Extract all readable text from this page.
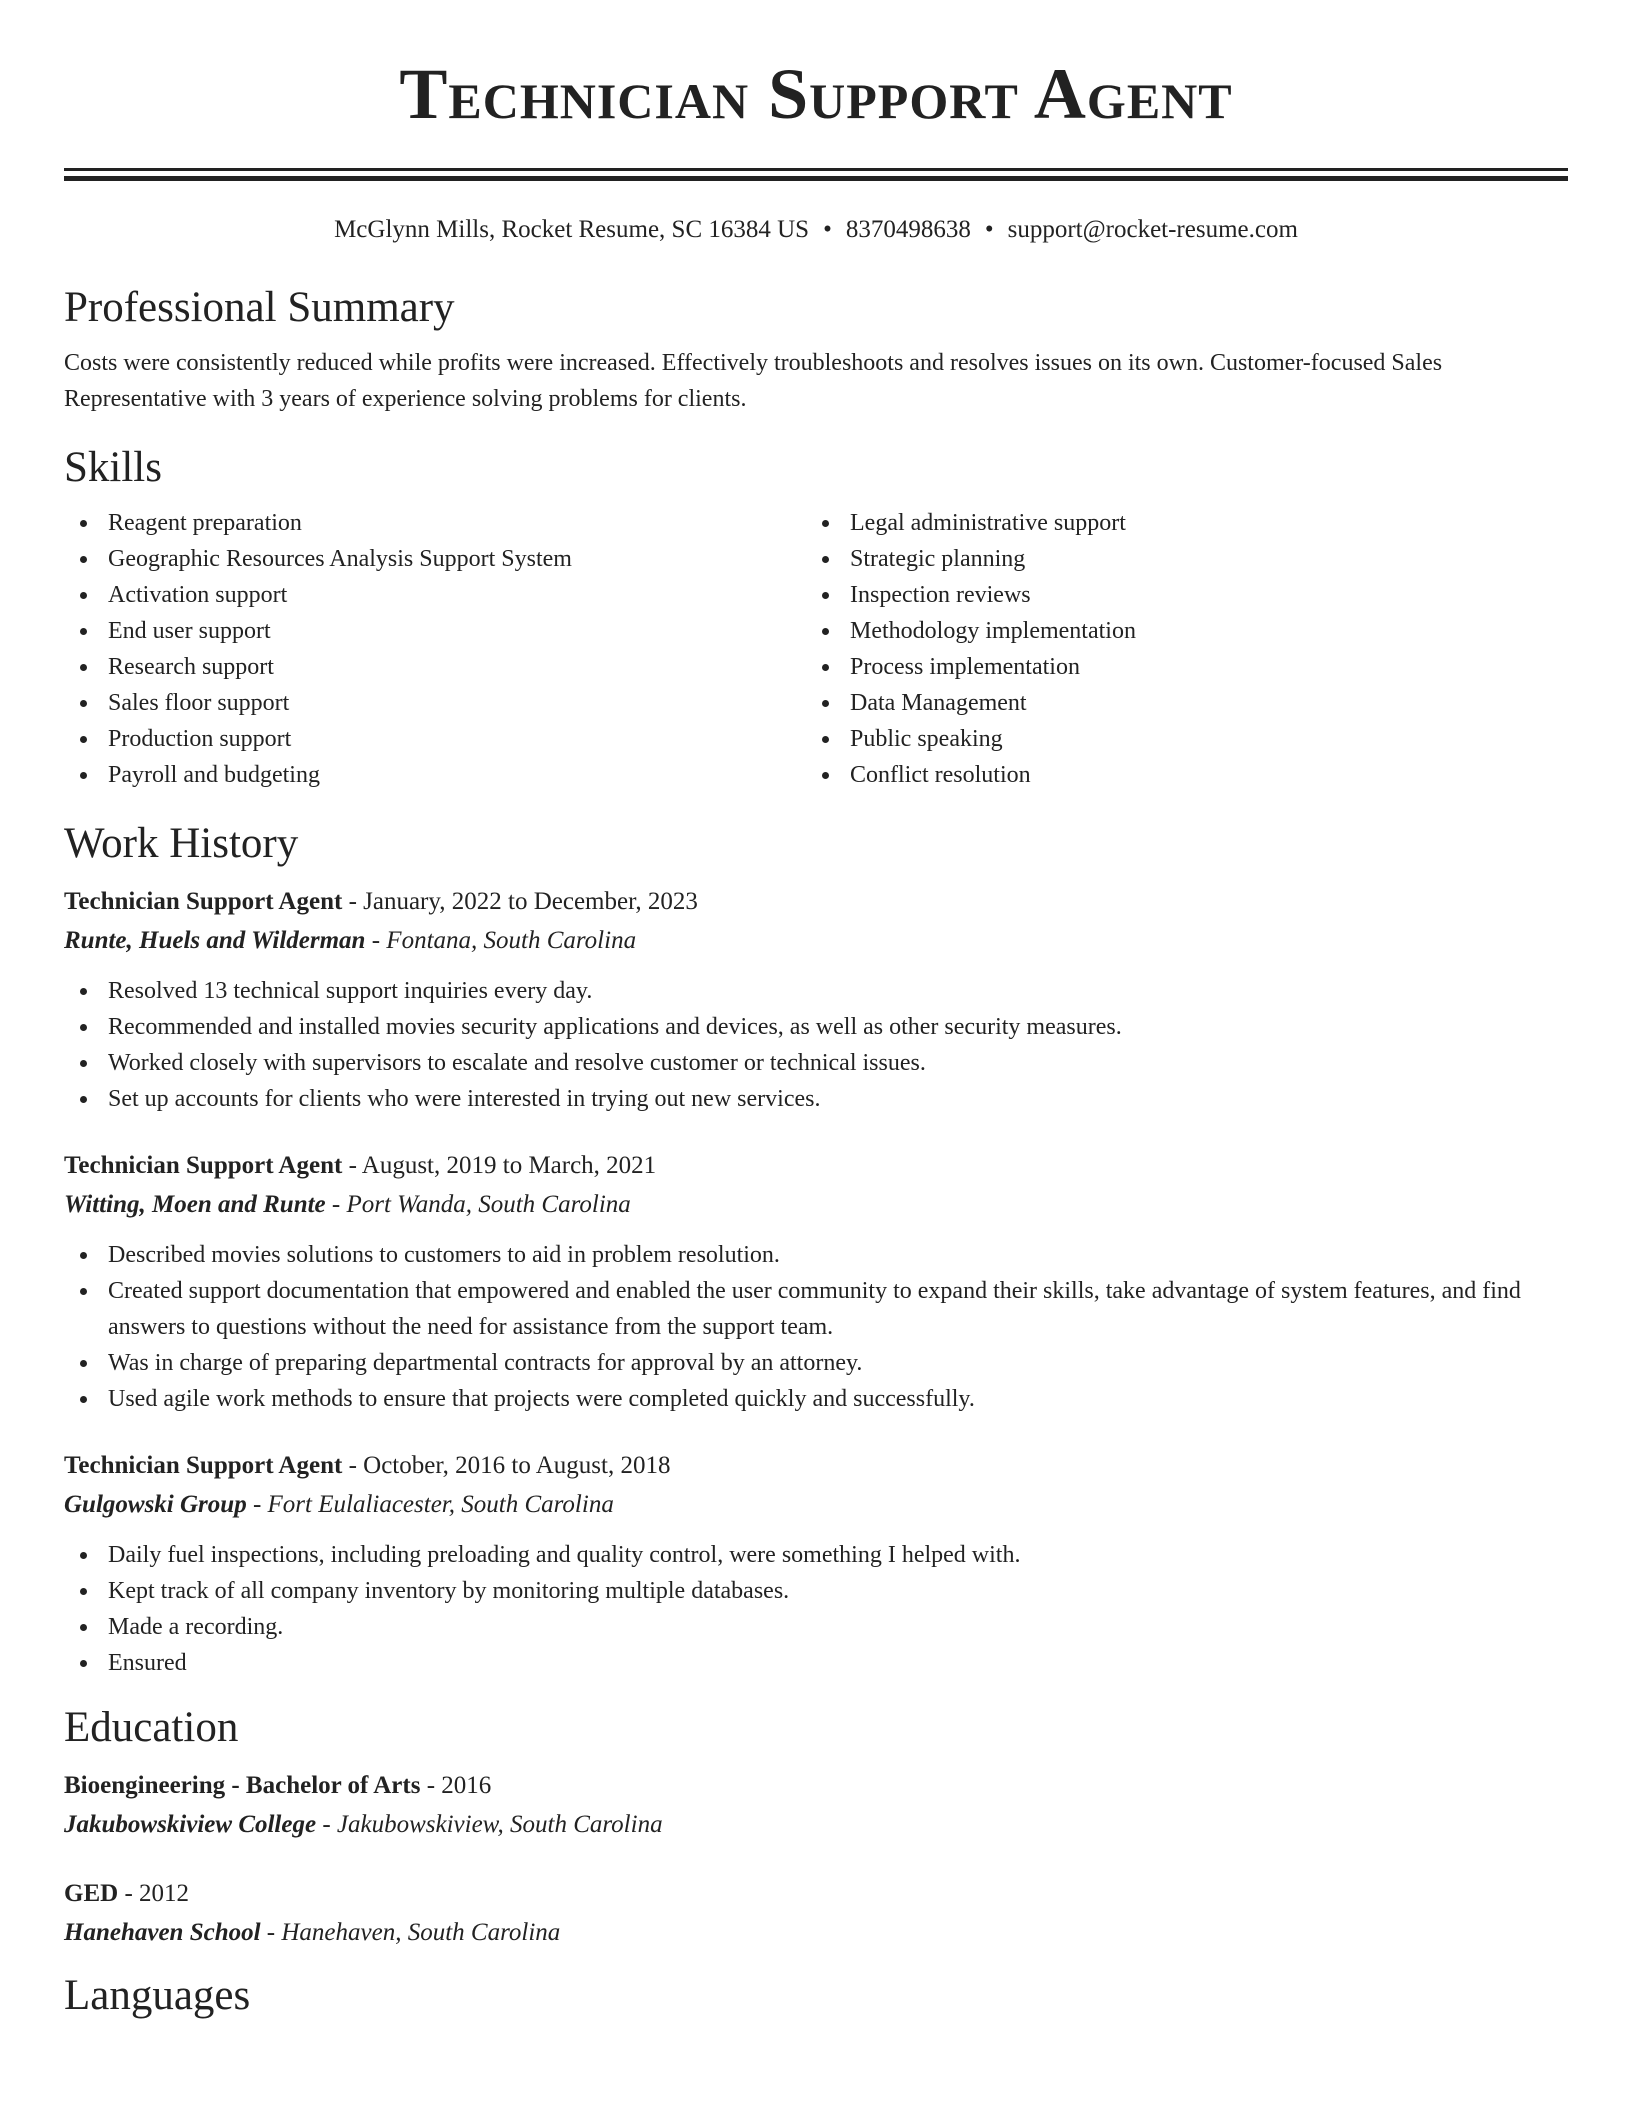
Technician Support Agent
McGlynn Mills, Rocket Resume, SC 16384 US • 8370498638 • support@rocket-resume.com
Professional Summary

Costs were consistently reduced while profits were increased. Effectively troubleshoots and resolves issues on its own. Customer-focused Sales Representative with 3 years of experience solving problems for clients.

Skills
Reagent preparation
Geographic Resources Analysis Support System
Activation support
End user support
Research support
Sales floor support
Production support
Payroll and budgeting
Legal administrative support
Strategic planning
Inspection reviews
Methodology implementation
Process implementation
Data Management
Public speaking
Conflict resolution
Work History
Technician Support Agent - January, 2022 to December, 2023
Runte, Huels and Wilderman - Fontana, South Carolina
Resolved 13 technical support inquiries every day.
Recommended and installed movies security applications and devices, as well as other security measures.
Worked closely with supervisors to escalate and resolve customer or technical issues.
Set up accounts for clients who were interested in trying out new services.
Technician Support Agent - August, 2019 to March, 2021
Witting, Moen and Runte - Port Wanda, South Carolina
Described movies solutions to customers to aid in problem resolution.
Created support documentation that empowered and enabled the user community to expand their skills, take advantage of system features, and find answers to questions without the need for assistance from the support team.
Was in charge of preparing departmental contracts for approval by an attorney.
Used agile work methods to ensure that projects were completed quickly and successfully.
Technician Support Agent - October, 2016 to August, 2018
Gulgowski Group - Fort Eulaliacester, South Carolina
Daily fuel inspections, including preloading and quality control, were something I helped with.
Kept track of all company inventory by monitoring multiple databases.
Made a recording.
Ensured
Education
Bioengineering - Bachelor of Arts - 2016
Jakubowskiview College - Jakubowskiview, South Carolina
GED - 2012
Hanehaven School - Hanehaven, South Carolina
Languages
